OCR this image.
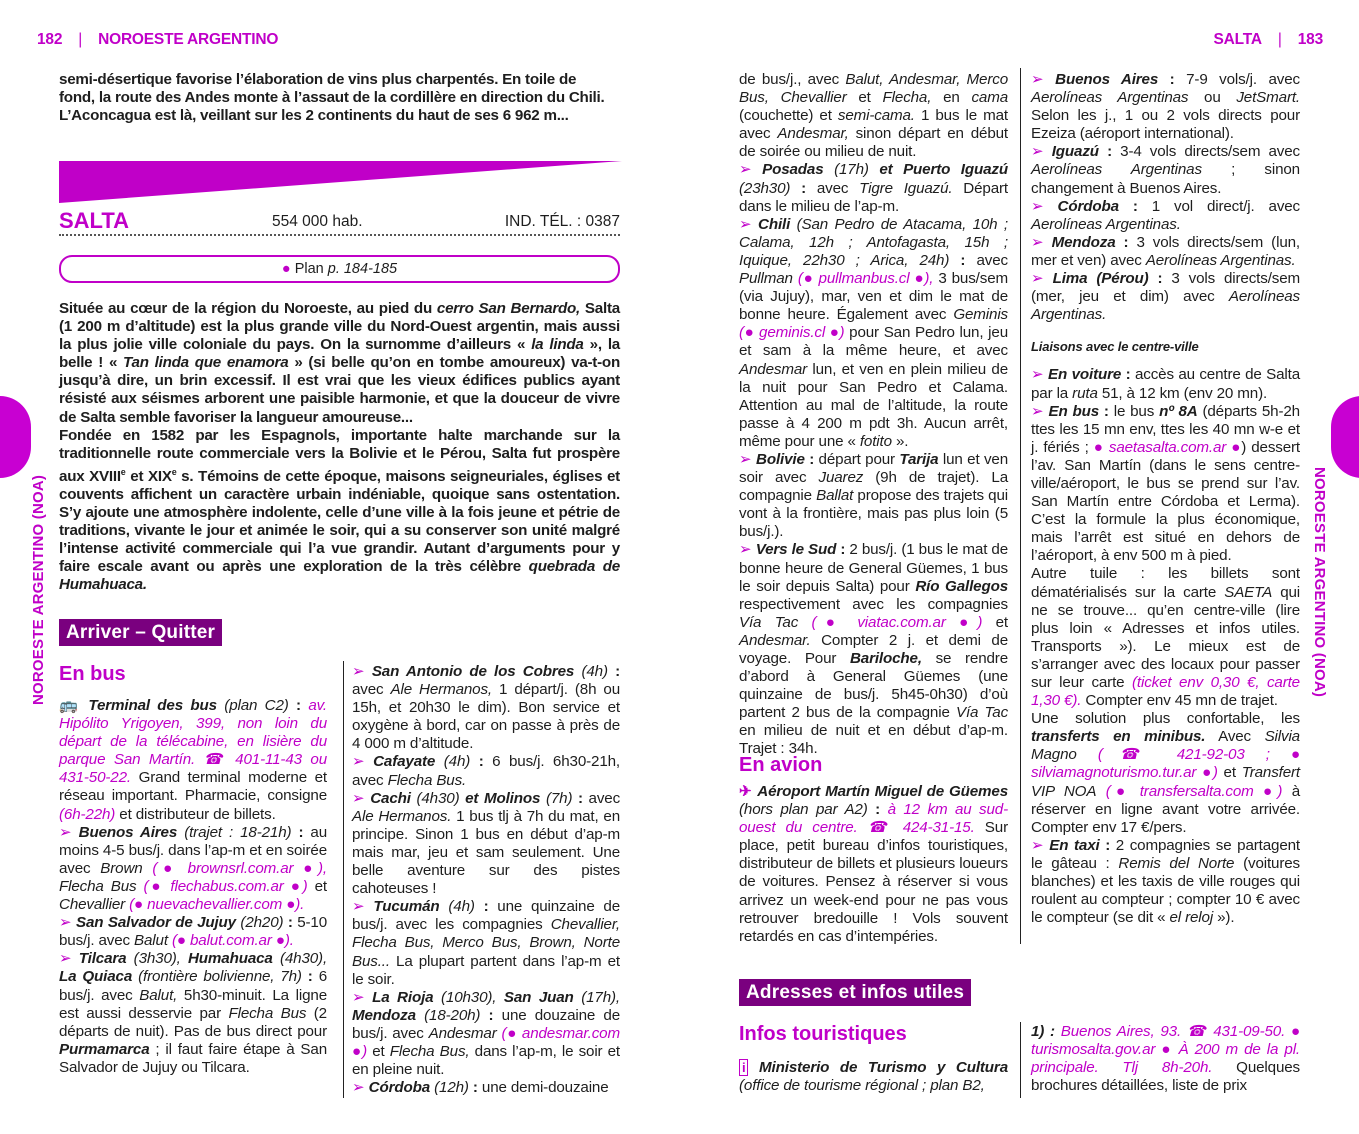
182 | NOROESTE ARGENTINO	SALTA | 183
NOROESTE ARGENTINO (NOA)	NOROESTE ARGENTINO (NOA)

semi-désertique favorise l’élaboration de vins plus charpentés. En toile de

fond, la route des Andes monte à l’assaut de la cordillère en direction du Chili.

L’Aconcagua est là, veillant sur les 2 continents du haut de ses 6 962 m...

SALTA	554 000 hab.	IND. TÉL. : 0387
● Plan p. 184-185

Située au cœur de la région du Noroeste, au pied du cerro San Bernardo, Salta (1 200 m d’altitude) est la plus grande ville du Nord-Ouest argentin, mais aussi la plus jolie ville coloniale du pays. On la surnomme d’ailleurs « la linda », la belle ! « Tan linda que enamora » (si belle qu’on en tombe amoureux) va-t-on jusqu’à dire, un brin excessif. Il est vrai que les vieux édifices publics ayant résisté aux séismes arborent une paisible harmonie, et que la douceur de vivre de Salta semble favoriser la langueur amoureuse...

Fondée en 1582 par les Espagnols, importante halte marchande sur la traditionnelle route commerciale vers la Bolivie et le Pérou, Salta fut prospère aux XVIIIe et XIXe s. Témoins de cette époque, maisons seigneuriales, églises et couvents affichent un caractère urbain indéniable, quoique sans ostentation. S’y ajoute une atmosphère indolente, celle d’une ville à la fois jeune et pétrie de traditions, vivante le jour et animée le soir, qui a su conserver son unité malgré l’intense activité commerciale qui l’a vue grandir. Autant d’arguments pour y faire escale avant ou après une exploration de la très célèbre quebrada de Humahuaca.

Arriver – Quitter
En bus

🚌 Terminal des bus (plan C2) : av. Hipólito Yrigoyen, 399, non loin du départ de la télécabine, en lisière du parque San Martín. ☎ 401-11-43 ou 431-50-22. Grand terminal moderne et réseau important. Pharmacie, consigne (6h-22h) et distributeur de billets.

➢ Buenos Aires (trajet : 18-21h) : au moins 4-5 bus/j. dans l’ap-m et en soirée avec Brown (● brownsrl.com.ar ●), Flecha Bus (● flechabus.com.ar ●) et Chevallier (● nuevachevallier.com ●).

➢ San Salvador de Jujuy (2h20) : 5-10 bus/j. avec Balut (● balut.com.ar ●).

➢ Tilcara (3h30), Humahuaca (4h30), La Quiaca (frontière bolivienne, 7h) : 6 bus/j. avec Balut, 5h30-minuit. La ligne est aussi desservie par Flecha Bus (2 départs de nuit). Pas de bus direct pour Purmamarca ; il faut faire étape à San Salvador de Jujuy ou Tilcara.

➢ San Antonio de los Cobres (4h) : avec Ale Hermanos, 1 départ/j. (8h ou 15h, et 20h30 le dim). Bon service et oxygène à bord, car on passe à près de 4 000 m d’altitude.

➢ Cafayate (4h) : 6 bus/j. 6h30-21h, avec Flecha Bus.

➢ Cachi (4h30) et Molinos (7h) : avec Ale Hermanos. 1 bus tlj à 7h du mat, en principe. Sinon 1 bus en début d’ap-m mais mar, jeu et sam seulement. Une belle aventure sur des pistes cahoteuses !

➢ Tucumán (4h) : une quinzaine de bus/j. avec les compagnies Chevallier, Flecha Bus, Merco Bus, Brown, Norte Bus... La plupart partent dans l’ap-m et le soir.

➢ La Rioja (10h30), San Juan (17h), Mendoza (18-20h) : une douzaine de bus/j. avec Andesmar (● andesmar.com ●) et Flecha Bus, dans l’ap-m, le soir et en pleine nuit.

➢ Córdoba (12h) : une demi-douzaine

de bus/j., avec Balut, Andesmar, Merco Bus, Chevallier et Flecha, en cama (couchette) et semi-cama. 1 bus le mat avec Andesmar, sinon départ en début de soirée ou milieu de nuit.

➢ Posadas (17h) et Puerto Iguazú (23h30) : avec Tigre Iguazú. Départ dans le milieu de l’ap-m.

➢ Chili (San Pedro de Atacama, 10h ; Calama, 12h ; Antofagasta, 15h ; Iquique, 22h30 ; Arica, 24h) : avec Pullman (● pullmanbus.cl ●), 3 bus/sem (via Jujuy), mar, ven et dim le mat de bonne heure. Également avec Geminis (● geminis.cl ●) pour San Pedro lun, jeu et sam à la même heure, et avec Andesmar lun, et ven en plein milieu de la nuit pour San Pedro et Calama. Attention au mal de l’altitude, la route passe à 4 200 m pdt 3h. Aucun arrêt, même pour une « fotito ».

➢ Bolivie : départ pour Tarija lun et ven soir avec Juarez (9h de trajet). La compagnie Ballat propose des trajets qui vont à la frontière, mais pas plus loin (5 bus/j.).

➢ Vers le Sud : 2 bus/j. (1 bus le mat de bonne heure de General Güemes, 1 bus le soir depuis Salta) pour Río Gallegos respectivement avec les compagnies Vía Tac (● viatac.com.ar ●) et Andesmar. Compter 2 j. et demi de voyage. Pour Bariloche, se rendre d’abord à General Güemes (une quinzaine de bus/j. 5h45-0h30) d’où partent 2 bus de la compagnie Vía Tac en milieu de nuit et en début d’ap-m. Trajet : 34h.

En avion

✈ Aéroport Martín Miguel de Güemes (hors plan par A2) : à 12 km au sud-ouest du centre. ☎ 424-31-15. Sur place, petit bureau d’infos touristiques, distributeur de billets et plusieurs loueurs de voitures. Pensez à réserver si vous arrivez un week-end pour ne pas vous retrouver bredouille ! Vols souvent retardés en cas d’intempéries.

➢ Buenos Aires : 7-9 vols/j. avec Aerolíneas Argentinas ou JetSmart. Selon les j., 1 ou 2 vols directs pour Ezeiza (aéroport international).

➢ Iguazú : 3-4 vols directs/sem avec Aerolíneas Argentinas ; sinon changement à Buenos Aires.

➢ Córdoba : 1 vol direct/j. avec Aerolíneas Argentinas.

➢ Mendoza : 3 vols directs/sem (lun, mer et ven) avec Aerolíneas Argentinas.

➢ Lima (Pérou) : 3 vols directs/sem (mer, jeu et dim) avec Aerolíneas Argentinas.

Liaisons avec le centre-ville

➢ En voiture : accès au centre de Salta par la ruta 51, à 12 km (env 20 mn).

➢ En bus : le bus nº 8A (départs 5h-2h ttes les 15 mn env, ttes les 40 mn w-e et j. fériés ; ● saetasalta.com.ar ●) dessert l’av. San Martín (dans le sens centre-ville/aéroport, le bus se prend sur l’av. San Martín entre Córdoba et Lerma). C’est la formule la plus économique, mais l’arrêt est situé en dehors de l’aéroport, à env 500 m à pied.

Autre tuile : les billets sont dématérialisés sur la carte SAETA qui ne se trouve... qu’en centre-ville (lire plus loin « Adresses et infos utiles. Transports »). Le mieux est de s’arranger avec des locaux pour passer sur leur carte (ticket env 0,30 €, carte 1,30 €). Compter env 45 mn de trajet.

Une solution plus confortable, les transferts en minibus. Avec Silvia Magno (☎ 421-92-03 ; ● silviamagnoturismo.tur.ar ●) et Transfert VIP NOA (● transfersalta.com ●) à réserver en ligne avant votre arrivée. Compter env 17 €/pers.

➢ En taxi : 2 compagnies se partagent le gâteau : Remis del Norte (voitures blanches) et les taxis de ville rouges qui roulent au compteur ; compter 10 € avec le compteur (se dit « el reloj »).

Adresses et infos utiles
Infos touristiques

i Ministerio de Turismo y Cultura (office de tourisme régional ; plan B2,

1) : Buenos Aires, 93. ☎ 431-09-50. ● turismosalta.gov.ar ● À 200 m de la pl. principale. Tlj 8h-20h. Quelques brochures détaillées, liste de prix
